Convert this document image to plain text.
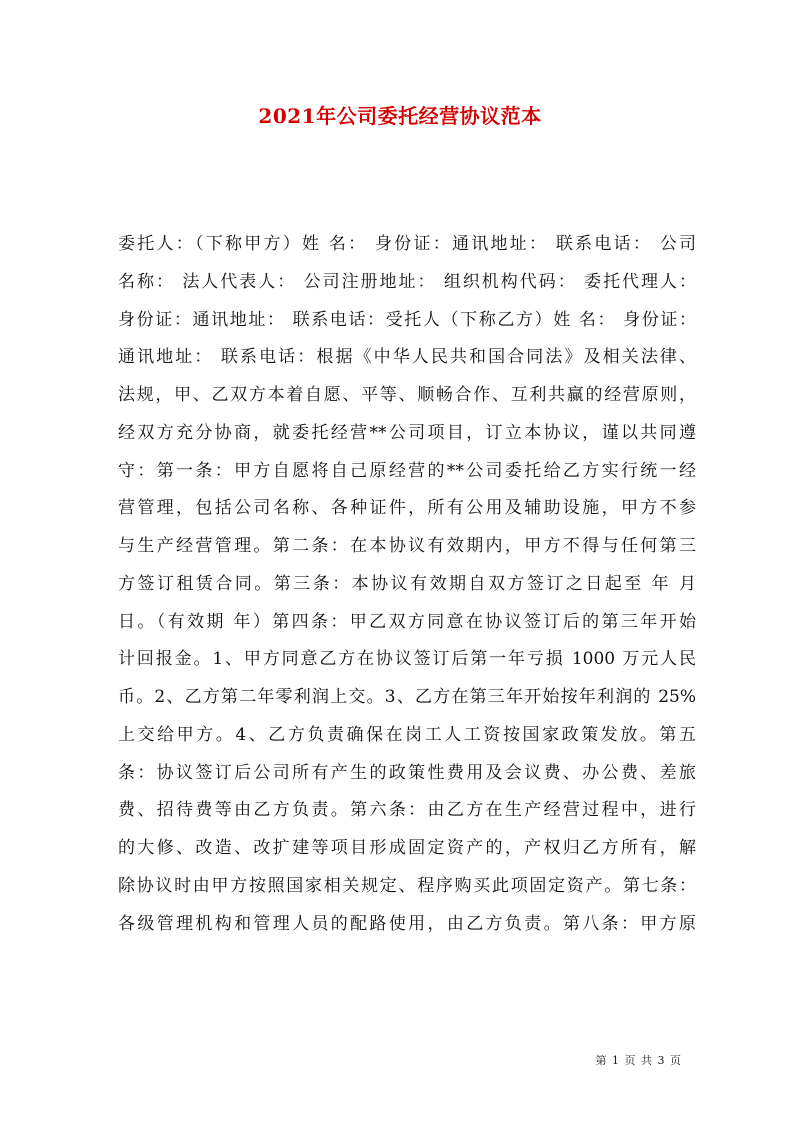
2021年公司委托经营协议范本
委托人：（下称甲方）姓 名： 身份证：通讯地址： 联系电话： 公司
名称： 法人代表人： 公司注册地址： 组织机构代码： 委托代理人：
身份证：通讯地址： 联系电话：受托人（下称乙方）姓 名： 身份证：
通讯地址： 联系电话：根据《中华人民共和国合同法》及相关法律、
法规，甲、乙双方本着自愿、平等、顺畅合作、互利共赢的经营原则，
经双方充分协商，就委托经营**公司项目，订立本协议，谨以共同遵
守：第一条：甲方自愿将自己原经营的**公司委托给乙方实行统一经
营管理，包括公司名称、各种证件，所有公用及辅助设施，甲方不参
与生产经营管理。第二条：在本协议有效期内，甲方不得与任何第三
方签订租赁合同。第三条：本协议有效期自双方签订之日起至 年 月
日。（有效期 年）第四条：甲乙双方同意在协议签订后的第三年开始
计回报金。1、甲方同意乙方在协议签订后第一年亏损 1000 万元人民
币。2、乙方第二年零利润上交。3、乙方在第三年开始按年利润的 25%
上交给甲方。4、乙方负责确保在岗工人工资按国家政策发放。第五
条：协议签订后公司所有产生的政策性费用及会议费、办公费、差旅
费、招待费等由乙方负责。第六条：由乙方在生产经营过程中，进行
的大修、改造、改扩建等项目形成固定资产的，产权归乙方所有，解
除协议时由甲方按照国家相关规定、程序购买此项固定资产。第七条：
各级管理机构和管理人员的配路使用，由乙方负责。第八条：甲方原
第 1 页 共 3 页
